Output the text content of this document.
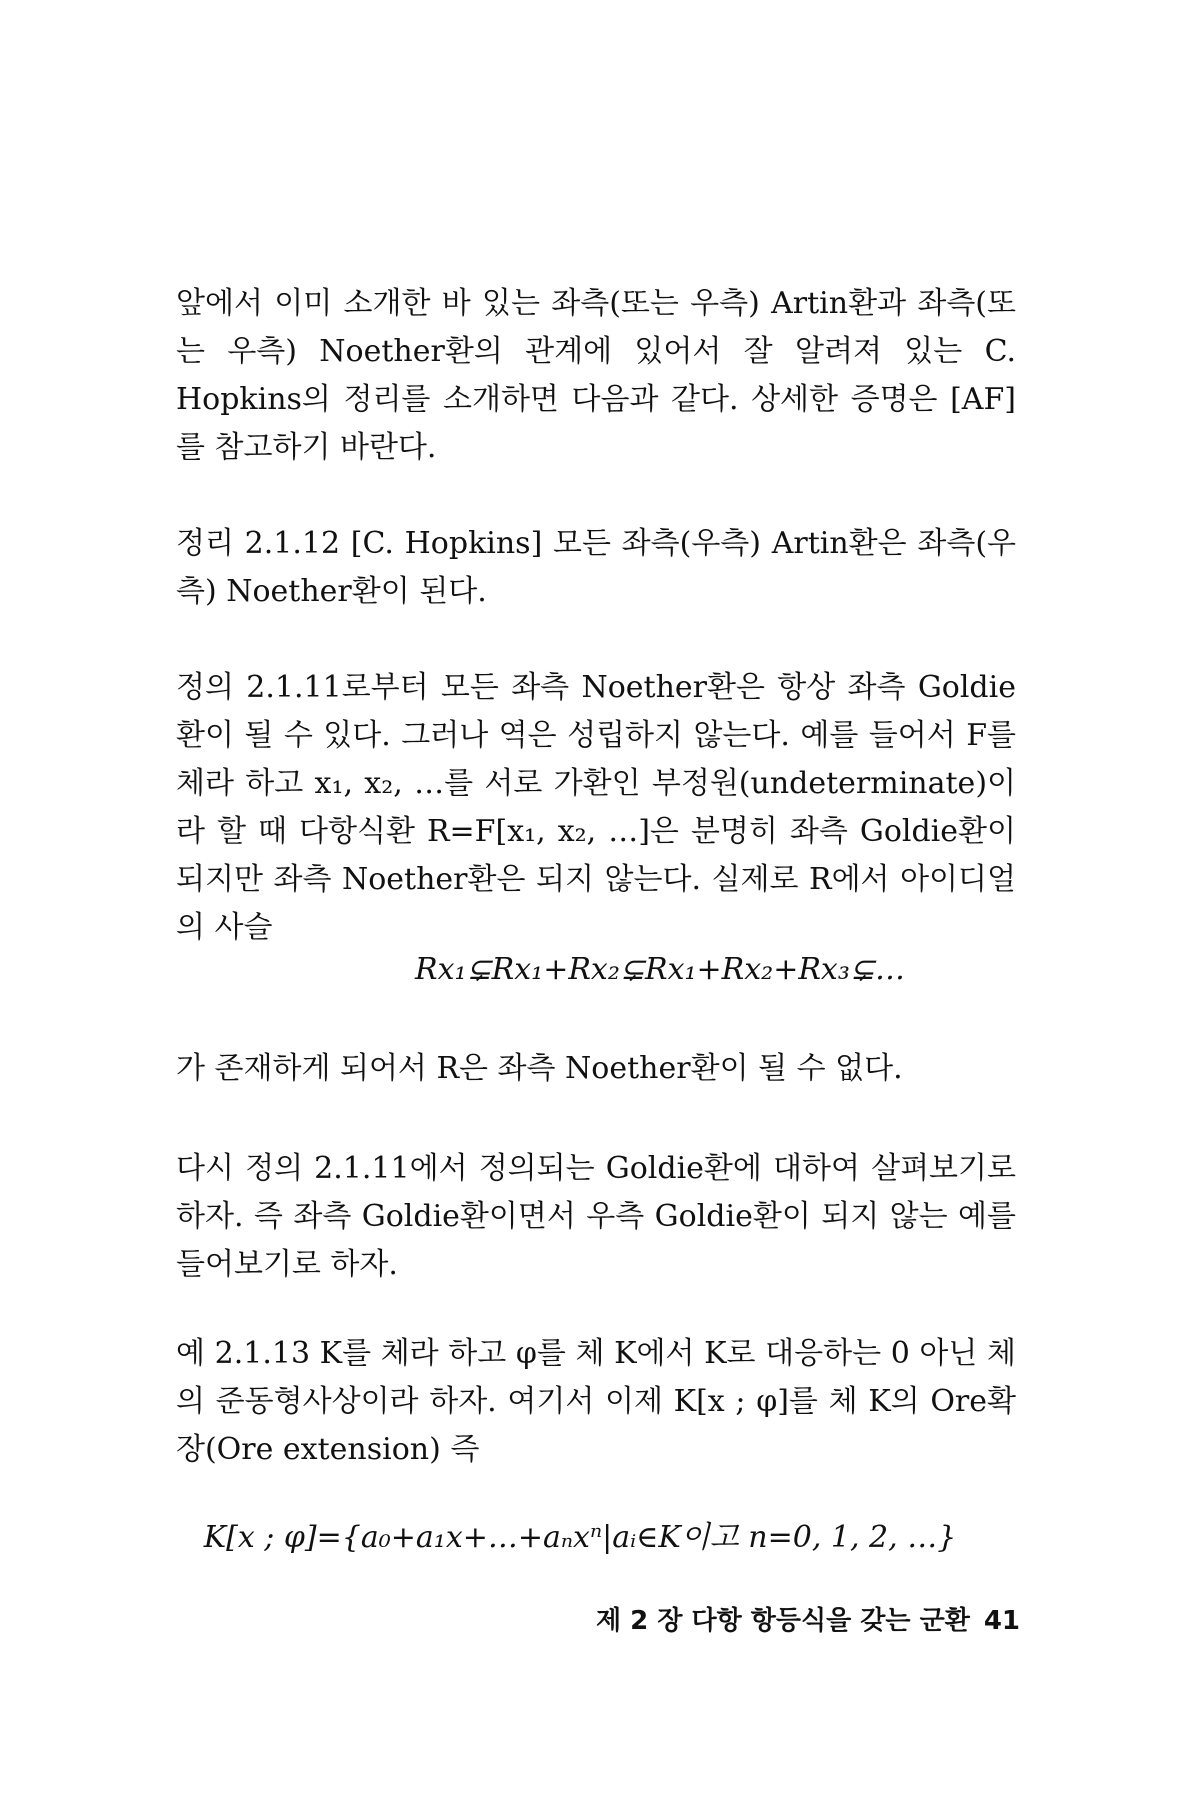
앞에서 이미 소개한 바 있는 좌측(또는 우측) Artin환과 좌측(또는 우측) Noether환의 관계에 있어서 잘 알려져 있는 C. Hopkins의 정리를 소개하면 다음과 같다. 상세한 증명은 [AF]를 참고하기 바란다.

정리 2.1.12 [C. Hopkins] 모든 좌측(우측) Artin환은 좌측(우측) Noether환이 된다.

정의 2.1.11로부터 모든 좌측 Noether환은 항상 좌측 Goldie환이 될 수 있다. 그러나 역은 성립하지 않는다. 예를 들어서 F를 체라 하고 x₁, x₂, …를 서로 가환인 부정원(undeterminate)이라 할 때 다항식환 R=F[x₁, x₂, …]은 분명히 좌측 Goldie환이 되지만 좌측 Noether환은 되지 않는다. 실제로 R에서 아이디얼의 사슬

Rx₁⊊Rx₁+Rx₂⊊Rx₁+Rx₂+Rx₃⊊…

가 존재하게 되어서 R은 좌측 Noether환이 될 수 없다.

다시 정의 2.1.11에서 정의되는 Goldie환에 대하여 살펴보기로 하자. 즉 좌측 Goldie환이면서 우측 Goldie환이 되지 않는 예를 들어보기로 하자.

예 2.1.13 K를 체라 하고 φ를 체 K에서 K로 대응하는 0 아닌 체의 준동형사상이라 하자. 여기서 이제 K[x ; φ]를 체 K의 Ore확장(Ore extension) 즉

K[x ; φ]={a₀+a₁x+…+aₙxⁿ|aᵢ∈K이고 n=0, 1, 2, …}

제 2 장 다항 항등식을 갖는 군환 41
